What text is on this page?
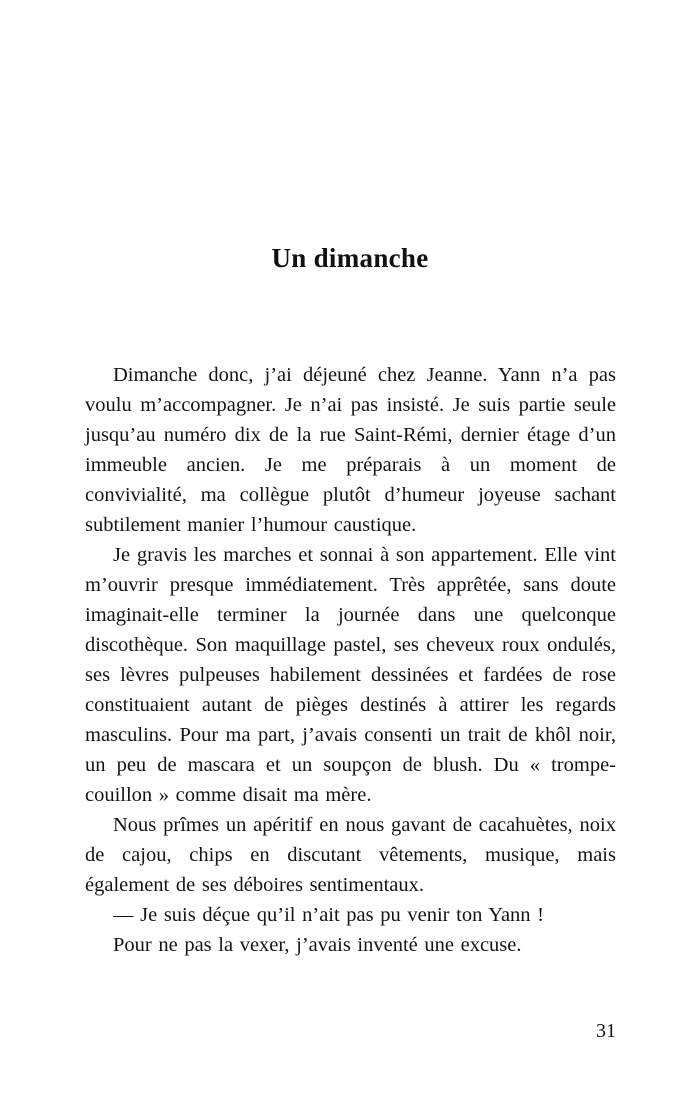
Un dimanche

Dimanche donc, j’ai déjeuné chez Jeanne. Yann n’a pas voulu m’accompagner. Je n’ai pas insisté. Je suis partie seule jusqu’au numéro dix de la rue Saint-Rémi, dernier étage d’un immeuble ancien. Je me préparais à un moment de convivialité, ma collègue plutôt d’humeur joyeuse sachant subtilement manier l’humour caustique.

Je gravis les marches et sonnai à son appartement. Elle vint m’ouvrir presque immédiatement. Très apprêtée, sans doute imaginait-elle terminer la journée dans une quelconque discothèque. Son maquillage pastel, ses cheveux roux ondulés, ses lèvres pulpeuses habilement dessinées et fardées de rose constituaient autant de pièges destinés à attirer les regards masculins. Pour ma part, j’avais consenti un trait de khôl noir, un peu de mascara et un soupçon de blush. Du « trompe-couillon » comme disait ma mère.

Nous prîmes un apéritif en nous gavant de cacahuètes, noix de cajou, chips en discutant vêtements, musique, mais également de ses déboires sentimentaux.

— Je suis déçue qu’il n’ait pas pu venir ton Yann !

Pour ne pas la vexer, j’avais inventé une excuse.

31
